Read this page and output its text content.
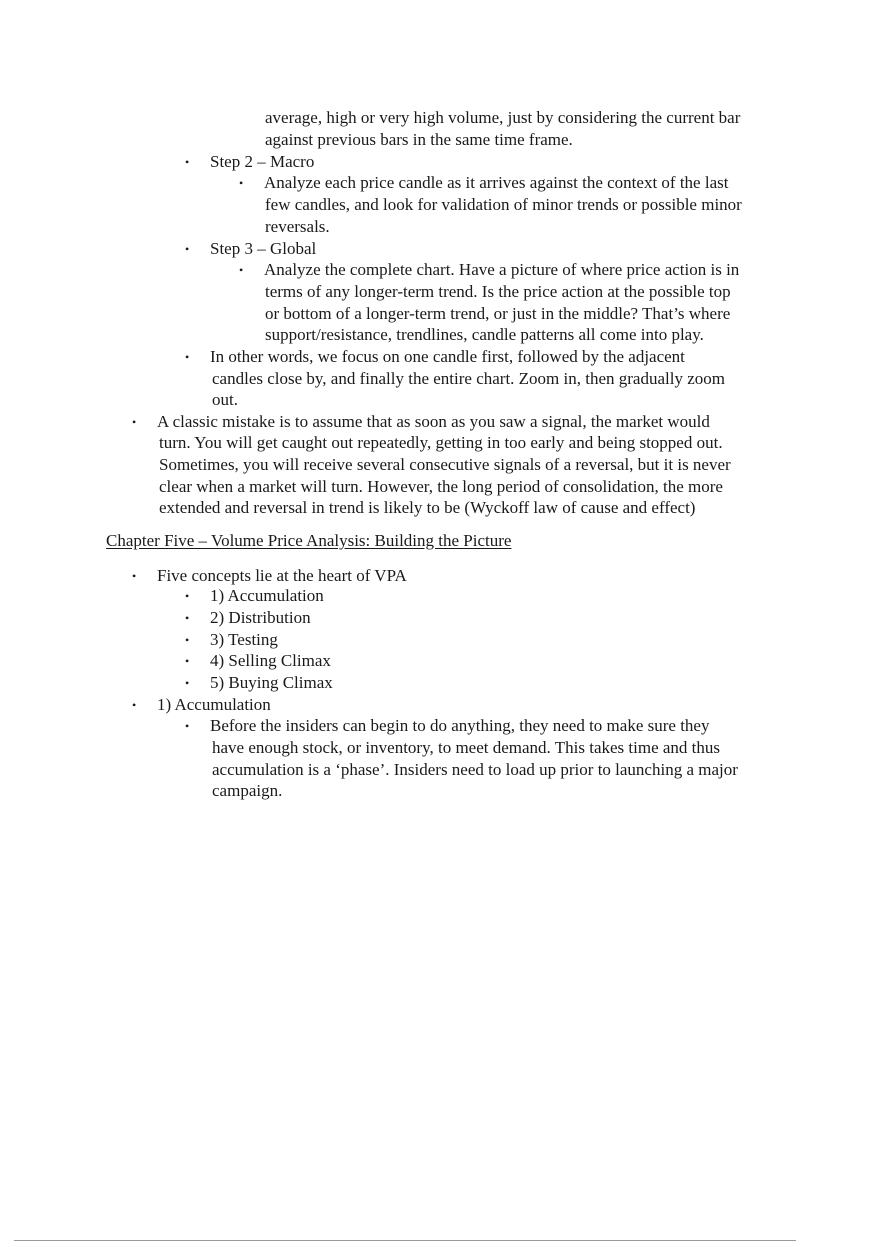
average, high or very high volume, just by considering the current bar
against previous bars in the same time frame.
• Step 2 – Macro
• Analyze each price candle as it arrives against the context of the last
few candles, and look for validation of minor trends or possible minor
reversals.
• Step 3 – Global
• Analyze the complete chart. Have a picture of where price action is in
terms of any longer-term trend. Is the price action at the possible top
or bottom of a longer-term trend, or just in the middle? That’s where
support/resistance, trendlines, candle patterns all come into play.
• In other words, we focus on one candle first, followed by the adjacent
candles close by, and finally the entire chart. Zoom in, then gradually zoom
out.
• A classic mistake is to assume that as soon as you saw a signal, the market would
turn. You will get caught out repeatedly, getting in too early and being stopped out.
Sometimes, you will receive several consecutive signals of a reversal, but it is never
clear when a market will turn. However, the long period of consolidation, the more
extended and reversal in trend is likely to be (Wyckoff law of cause and effect)
Chapter Five – Volume Price Analysis: Building the Picture
• Five concepts lie at the heart of VPA
• 1) Accumulation
• 2) Distribution
• 3) Testing
• 4) Selling Climax
• 5) Buying Climax
• 1) Accumulation
• Before the insiders can begin to do anything, they need to make sure they
have enough stock, or inventory, to meet demand. This takes time and thus
accumulation is a ‘phase’. Insiders need to load up prior to launching a major
campaign.
